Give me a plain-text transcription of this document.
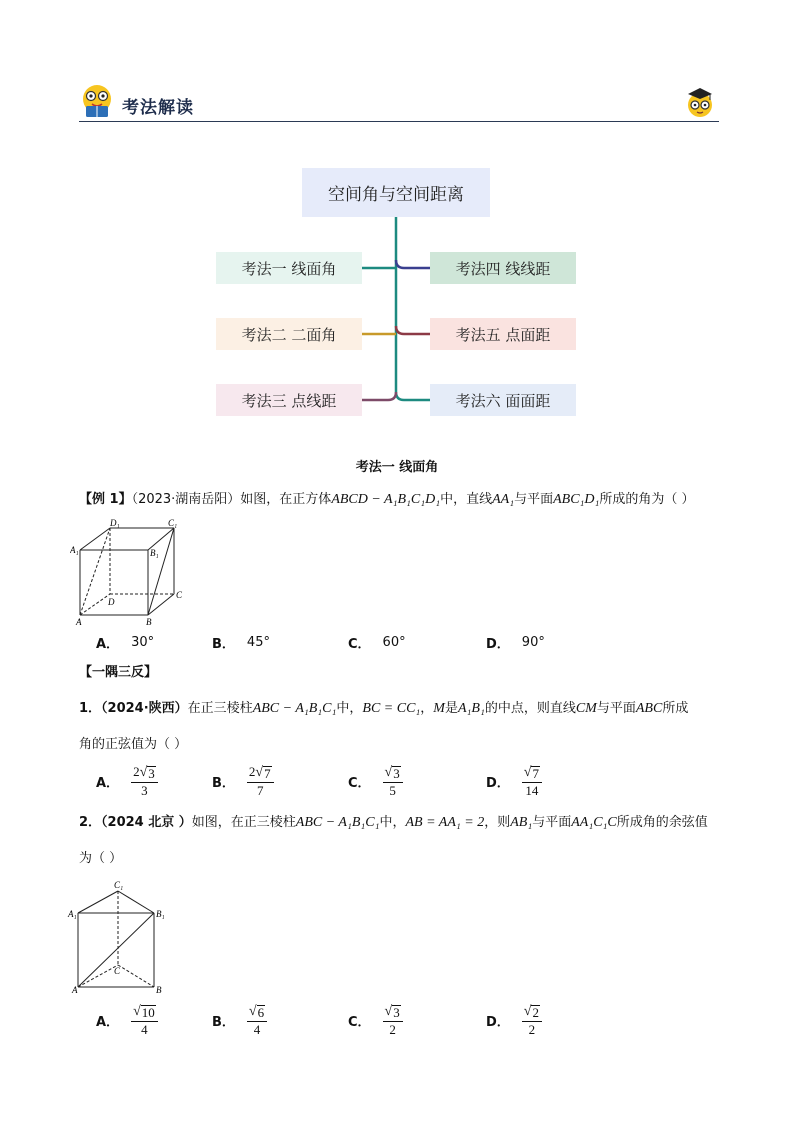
考法解读
空间角与空间距离
考法一 线面角
考法二 二面角
考法三 点线距
考法四 线线距
考法五 点面距
考法六 面面距
考法一 线面角
【例 1】（2023·湖南岳阳）如图，在正方体ABCD − A₁B₁C₁D₁中，直线AA₁与平面ABC₁D₁所成的角为（ ）
A₁
D₁	C₁
B₁
C
D
A	B
A． 30°	B． 45°	C． 60°	D． 90°
【一隅三反】
1．（2024·陕西）在正三棱柱ABC − A₁B₁C₁中，BC = CC₁，M是A₁B₁的中点，则直线CM与平面ABC所成
角的正弦值为（ ）
A． $\frac{2 √ 3}{3}$	B． $\frac{2 √ 7}{7}$	C． $\frac{√ 3}{5}$	D． $\frac{√ 7}{14}$
2．（2024 北京 ）如图，在正三棱柱ABC − A₁B₁C₁中，AB = AA₁ = 2，则AB₁与平面AA₁C₁C所成角的余弦值
为（ ）
C₁
A₁	B₁
C
A	B
A． $\frac{√ 10}{4}$	B． $\frac{√ 6}{4}$	C． $\frac{√ 3}{2}$	D． $\frac{√ 2}{2}$
